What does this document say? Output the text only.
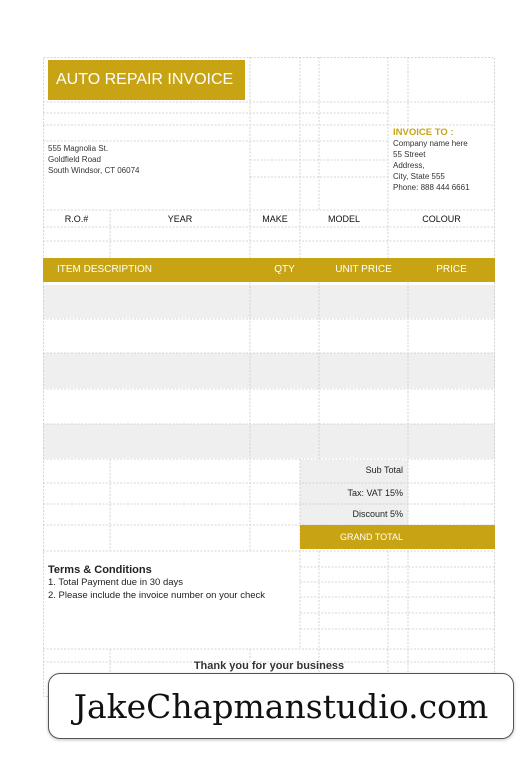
AUTO REPAIR INVOICE
555 Magnolia St.
Goldfield Road
South Windsor, CT 06074
INVOICE TO :
Company name here
55 Street
Address,
City, State 555
Phone: 888 444 6661
R.O.#	YEAR	MAKE	MODEL	COLOUR
ITEM DESCRIPTION	QTY	UNIT PRICE	PRICE
Sub Total
Tax: VAT 15%
Discount 5%
GRAND TOTAL
Terms & Conditions
1. Total Payment due in 30 days
2. Please include the invoice number on your check
Thank you for your business
JakeChapmanstudio.com
